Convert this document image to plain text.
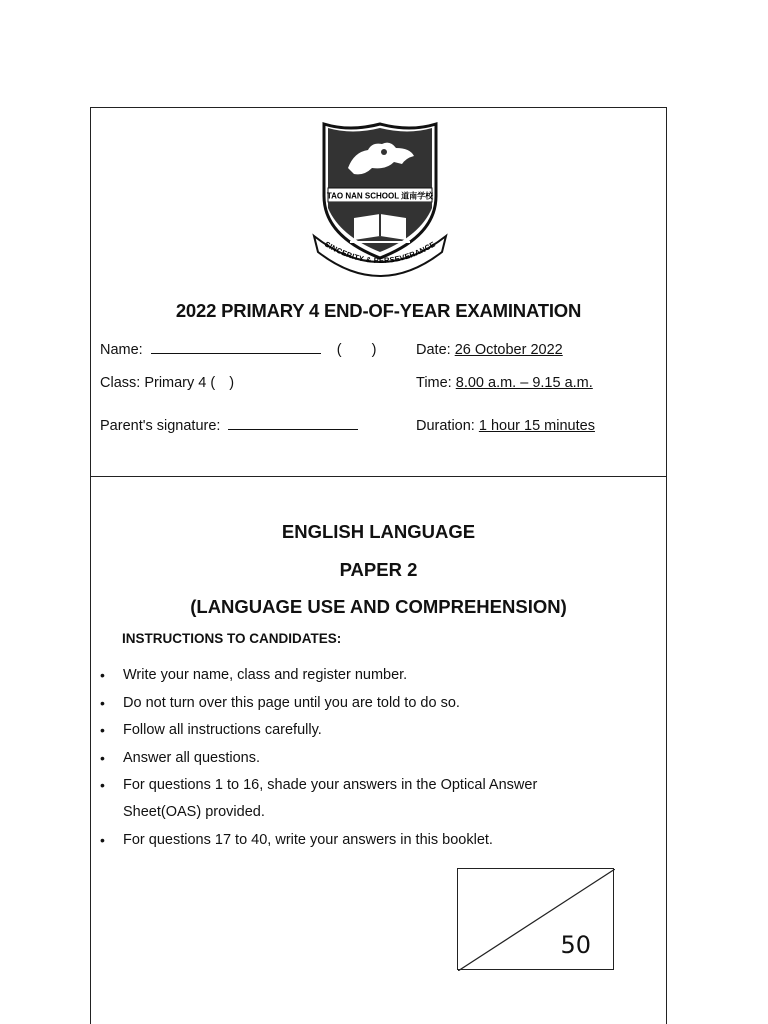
TAO NAN SCHOOL 道南学校
SINCERITY & PERSEVERANCE
2022 PRIMARY 4 END-OF-YEAR EXAMINATION
Name:	( )
Class: Primary 4 ( )
Parent's signature:
Date: 26 October 2022
Time: 8.00 a.m. – 9.15 a.m.
Duration: 1 hour 15 minutes
ENGLISH LANGUAGE
PAPER 2
(LANGUAGE USE AND COMPREHENSION)
INSTRUCTIONS TO CANDIDATES:
• Write your name, class and register number.
• Do not turn over this page until you are told to do so.
• Follow all instructions carefully.
• Answer all questions.
• For questions 1 to 16, shade your answers in the Optical Answer
• For questions 17 to 40, write your answers in this booklet.
Sheet(OAS) provided.
50
